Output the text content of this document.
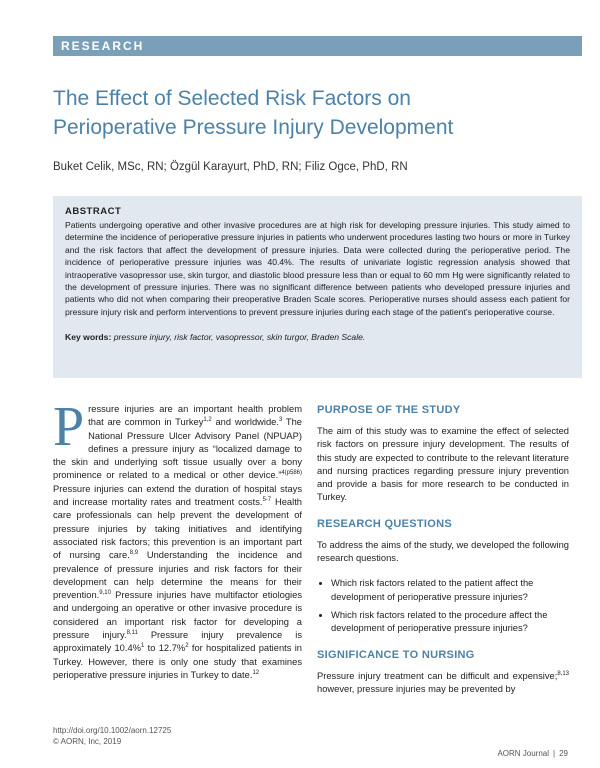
RESEARCH
The Effect of Selected Risk Factors on
Perioperative Pressure Injury Development
Buket Celik, MSc, RN; Özgül Karayurt, PhD, RN; Filiz Ogce, PhD, RN
ABSTRACT

Patients undergoing operative and other invasive procedures are at high risk for developing pressure injuries. This study aimed to determine the incidence of perioperative pressure injuries in patients who underwent procedures lasting two hours or more in Turkey and the risk factors that affect the development of pressure injuries. Data were collected during the perioperative period. The incidence of perioperative pressure injuries was 40.4%. The results of univariate logistic regression analysis showed that intraoperative vasopressor use, skin turgor, and diastolic blood pressure less than or equal to 60 mm Hg were significantly related to the development of pressure injuries. There was no significant difference between patients who developed pressure injuries and patients who did not when comparing their preoperative Braden Scale scores. Perioperative nurses should assess each patient for pressure injury risk and perform interventions to prevent pressure injuries during each stage of the patient’s perioperative course.

Key words: pressure injury, risk factor, vasopressor, skin turgor, Braden Scale.
P ressure injuries are an important health problem that are common in Turkey$^{1,2}$ and worldwide.$^3$ The National Pressure Ulcer Advisory Panel (NPUAP) defines a pressure injury as “localized damage to the skin and underlying soft tissue usually over a bony prominence or related to a medical or other device.”$^{4(p586)}$ Pressure injuries can extend the duration of hospital stays and increase mortality rates and treatment costs.$^{5-7}$ Health care professionals can help prevent the development of pressure injuries by taking initiatives and identifying associated risk factors; this prevention is an important part of nursing care.$^{8,9}$ Understanding the incidence and prevalence of pressure injuries and risk factors for their development can help determine the means for their prevention.$^{9,10}$ Pressure injuries have multifactor etiologies and undergoing an operative or other invasive procedure is considered an important risk factor for developing a pressure injury.$^{8,11}$ Pressure injury prevalence is approximately 10.4%$^1$ to 12.7%$^2$ for hospitalized patients in Turkey. However, there is only one study that examines perioperative pressure injuries in Turkey to date.$^{12}$

PURPOSE OF THE STUDY

The aim of this study was to examine the effect of selected risk factors on pressure injury development. The results of this study are expected to contribute to the relevant literature and nursing practices regarding pressure injury prevention and provide a basis for more research to be conducted in Turkey.

RESEARCH QUESTIONS

To address the aims of the study, we developed the following research questions.

• Which risk factors related to the patient affect the development of perioperative pressure injuries?
• Which risk factors related to the procedure affect the development of perioperative pressure injuries?
SIGNIFICANCE TO NURSING

Pressure injury treatment can be difficult and expensive;$^{8,13}$ however, pressure injuries may be prevented by

http://doi.org/10.1002/aorn.12725
© AORN, Inc, 2019
AORN Journal | 29
